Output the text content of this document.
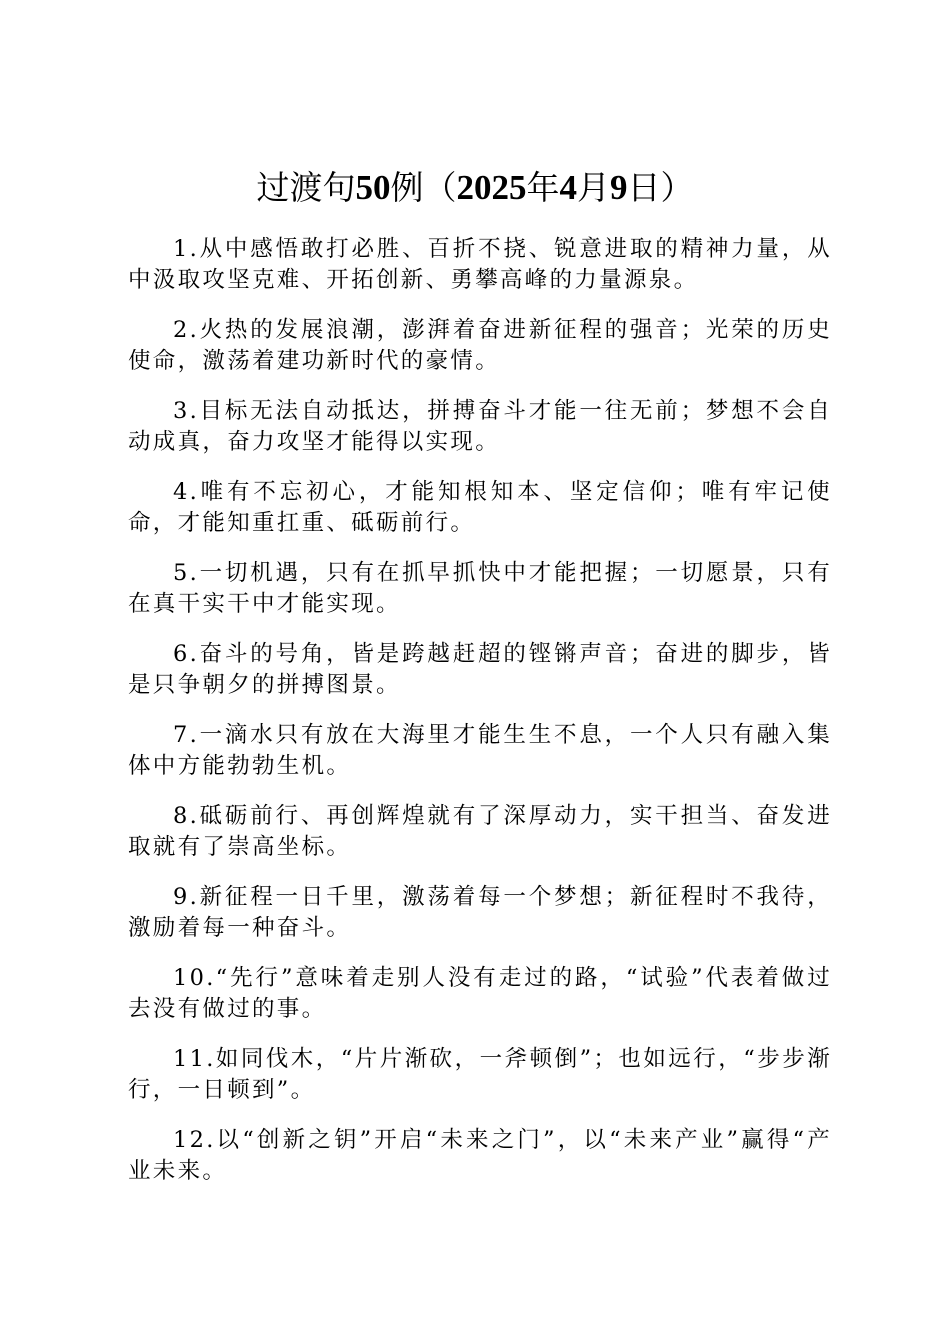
过渡句50例（2025年4月9日）

1.从中感悟敢打必胜、百折不挠、锐意进取的精神力量，从中汲取攻坚克难、开拓创新、勇攀高峰的力量源泉。

2.火热的发展浪潮，澎湃着奋进新征程的强音；光荣的历史使命，激荡着建功新时代的豪情。

3.目标无法自动抵达，拼搏奋斗才能一往无前；梦想不会自动成真，奋力攻坚才能得以实现。

4.唯有不忘初心，才能知根知本、坚定信仰；唯有牢记使命，才能知重扛重、砥砺前行。

5.一切机遇，只有在抓早抓快中才能把握；一切愿景，只有在真干实干中才能实现。

6.奋斗的号角，皆是跨越赶超的铿锵声音；奋进的脚步，皆是只争朝夕的拼搏图景。

7.一滴水只有放在大海里才能生生不息，一个人只有融入集体中方能勃勃生机。

8.砥砺前行、再创辉煌就有了深厚动力，实干担当、奋发进取就有了崇高坐标。

9.新征程一日千里，激荡着每一个梦想；新征程时不我待，激励着每一种奋斗。

10.“先行”意味着走别人没有走过的路，“试验”代表着做过去没有做过的事。

11.如同伐木，“片片渐砍，一斧顿倒”；也如远行，“步步渐行，一日顿到”。

12.以“创新之钥”开启“未来之门”，以“未来产业”赢得“产业未来。
